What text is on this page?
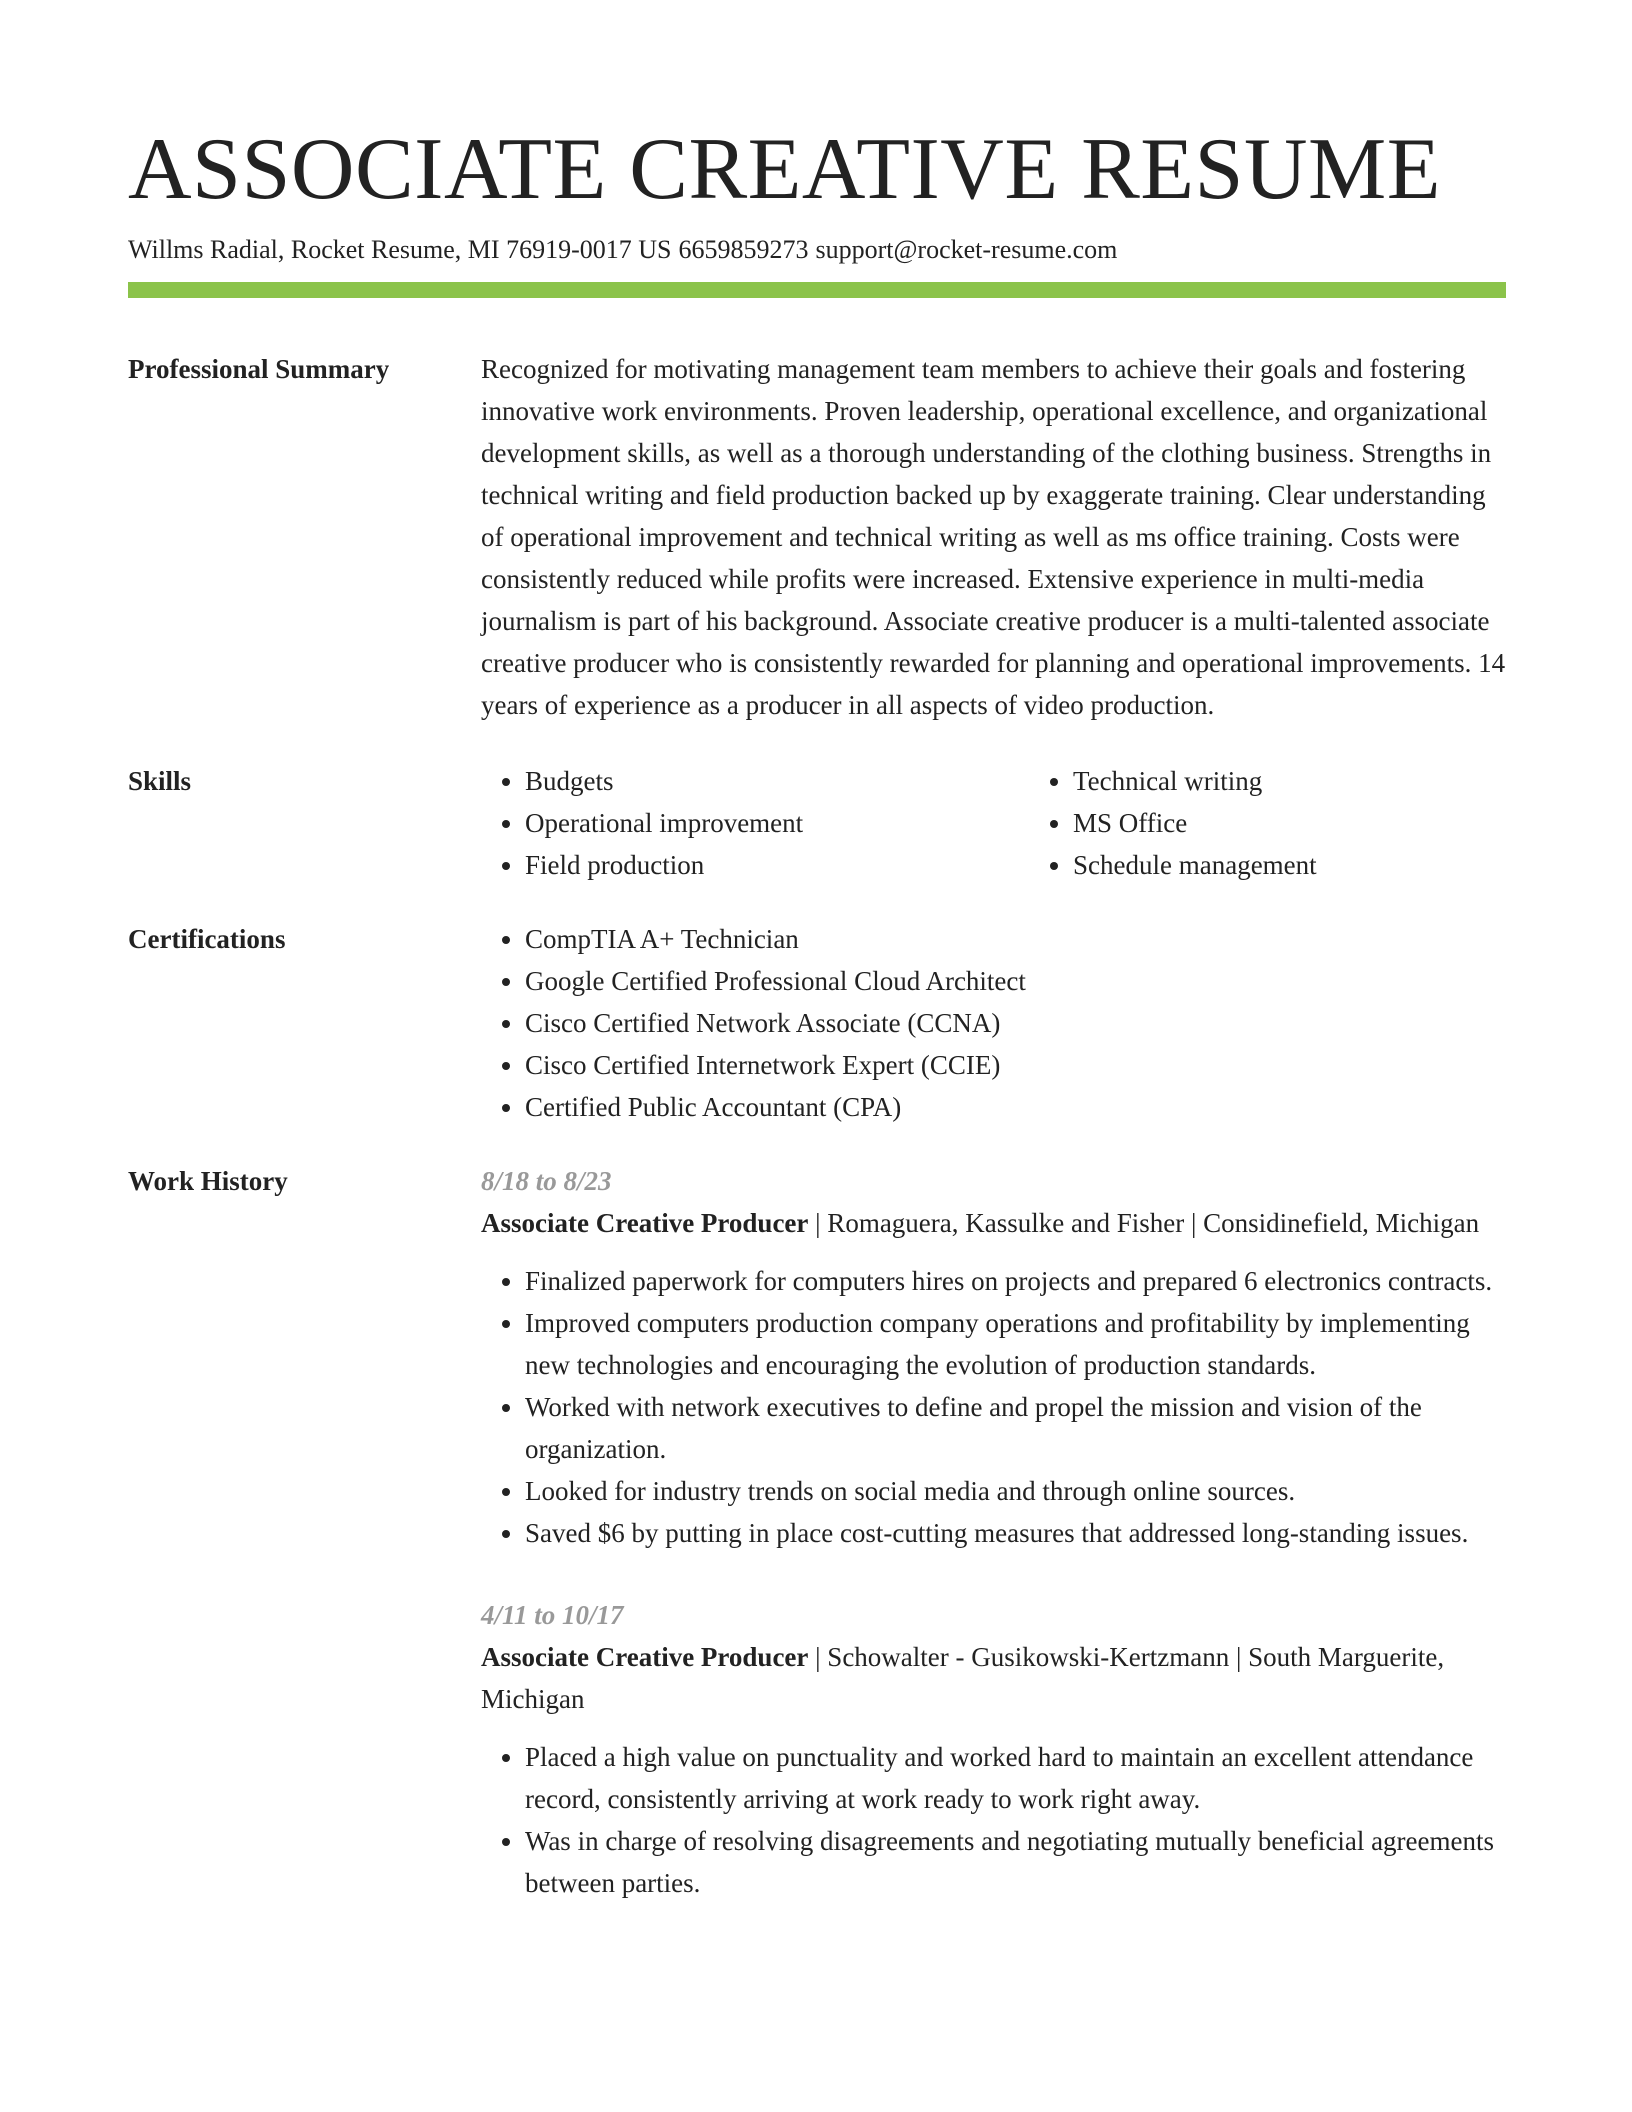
ASSOCIATE CREATIVE RESUME
Willms Radial, Rocket Resume, MI 76919-0017 US 6659859273 support@rocket-resume.com
Professional Summary	Recognized for motivating management team members to achieve their goals and fostering innovative work environments. Proven leadership, operational excellence, and organizational development skills, as well as a thorough understanding of the clothing business. Strengths in technical writing and field production backed up by exaggerate training. Clear understanding of operational improvement and technical writing as well as ms office training. Costs were consistently reduced while profits were increased. Extensive experience in multi-media journalism is part of his background. Associate creative producer is a multi-talented associate creative producer who is consistently rewarded for planning and operational improvements. 14 years of experience as a producer in all aspects of video production.

Skills	• Budgets
• Operational improvement
• Field production
• Technical writing
• MS Office
• Schedule management
Certifications	• CompTIA A+ Technician
• Google Certified Professional Cloud Architect
• Cisco Certified Network Associate (CCNA)
• Cisco Certified Internetwork Expert (CCIE)
• Certified Public Accountant (CPA)
Work History	8/18 to 8/23
Associate Creative Producer | Romaguera, Kassulke and Fisher | Considinefield, Michigan
• Finalized paperwork for computers hires on projects and prepared 6 electronics contracts.
• Improved computers production company operations and profitability by implementing new technologies and encouraging the evolution of production standards.
• Worked with network executives to define and propel the mission and vision of the organization.
• Looked for industry trends on social media and through online sources.
• Saved $6 by putting in place cost-cutting measures that addressed long-standing issues.
4/11 to 10/17
Associate Creative Producer | Schowalter - Gusikowski-Kertzmann | South Marguerite, Michigan
• Placed a high value on punctuality and worked hard to maintain an excellent attendance record, consistently arriving at work ready to work right away.
• Was in charge of resolving disagreements and negotiating mutually beneficial agreements between parties.
